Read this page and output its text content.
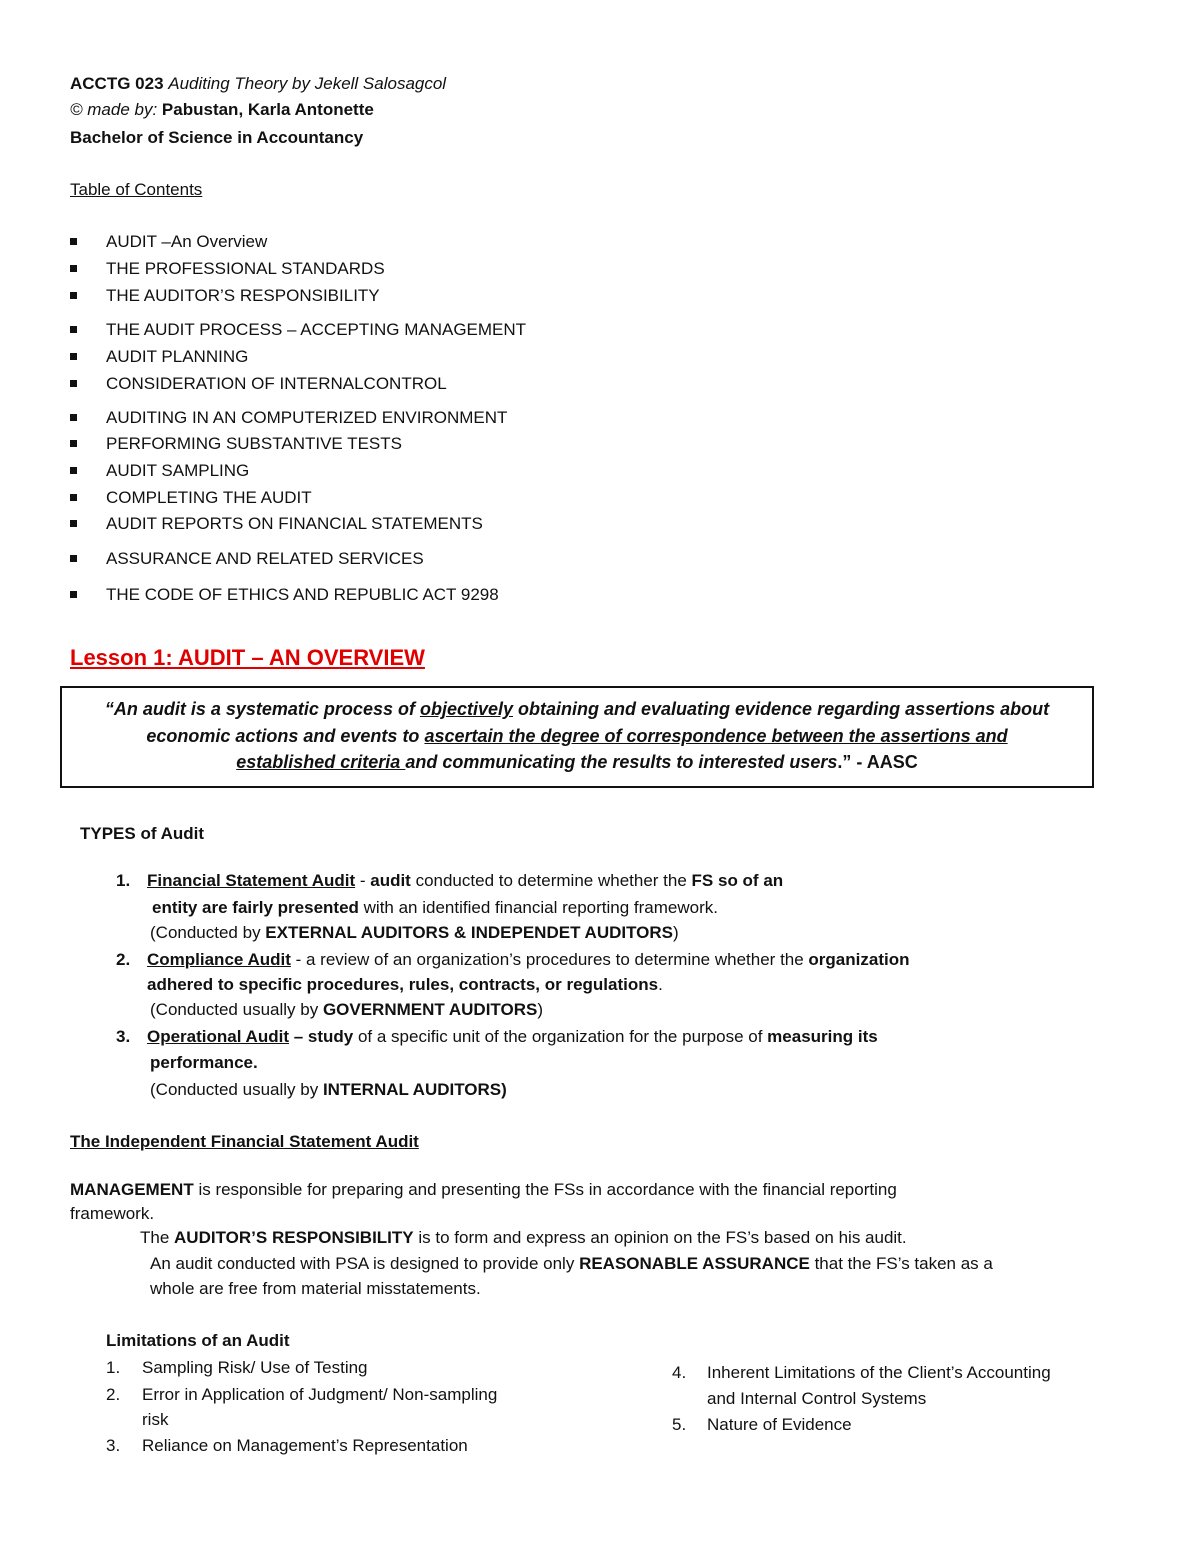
ACCTG 023 Auditing Theory by Jekell Salosagcol
© made by: Pabustan, Karla Antonette
Bachelor of Science in Accountancy
Table of Contents
AUDIT –An Overview
THE PROFESSIONAL STANDARDS
THE AUDITOR’S RESPONSIBILITY
THE AUDIT PROCESS – ACCEPTING MANAGEMENT
AUDIT PLANNING
CONSIDERATION OF INTERNALCONTROL
AUDITING IN AN COMPUTERIZED ENVIRONMENT
PERFORMING SUBSTANTIVE TESTS
AUDIT SAMPLING
COMPLETING THE AUDIT
AUDIT REPORTS ON FINANCIAL STATEMENTS
ASSURANCE AND RELATED SERVICES
THE CODE OF ETHICS AND REPUBLIC ACT 9298
Lesson 1: AUDIT – AN OVERVIEW
“An audit is a systematic process of objectively obtaining and evaluating evidence regarding assertions about
economic actions and events to ascertain the degree of correspondence between the assertions and
established criteria and communicating the results to interested users.” - AASC
TYPES of Audit
1. Financial Statement Audit - audit conducted to determine whether the FS so of an
entity are fairly presented with an identified financial reporting framework.
(Conducted by EXTERNAL AUDITORS & INDEPENDET AUDITORS)
2. Compliance Audit - a review of an organization’s procedures to determine whether the organization
adhered to specific procedures, rules, contracts, or regulations.
(Conducted usually by GOVERNMENT AUDITORS)
3. Operational Audit – study of a specific unit of the organization for the purpose of measuring its
performance.
(Conducted usually by INTERNAL AUDITORS)
The Independent Financial Statement Audit
MANAGEMENT is responsible for preparing and presenting the FSs in accordance with the financial reporting
framework.
The AUDITOR’S RESPONSIBILITY is to form and express an opinion on the FS’s based on his audit.
An audit conducted with PSA is designed to provide only REASONABLE ASSURANCE that the FS’s taken as a
whole are free from material misstatements.
Limitations of an Audit
1. Sampling Risk/ Use of Testing
2. Error in Application of Judgment/ Non-sampling
risk
3. Reliance on Management’s Representation
4. Inherent Limitations of the Client’s Accounting
and Internal Control Systems
5. Nature of Evidence
